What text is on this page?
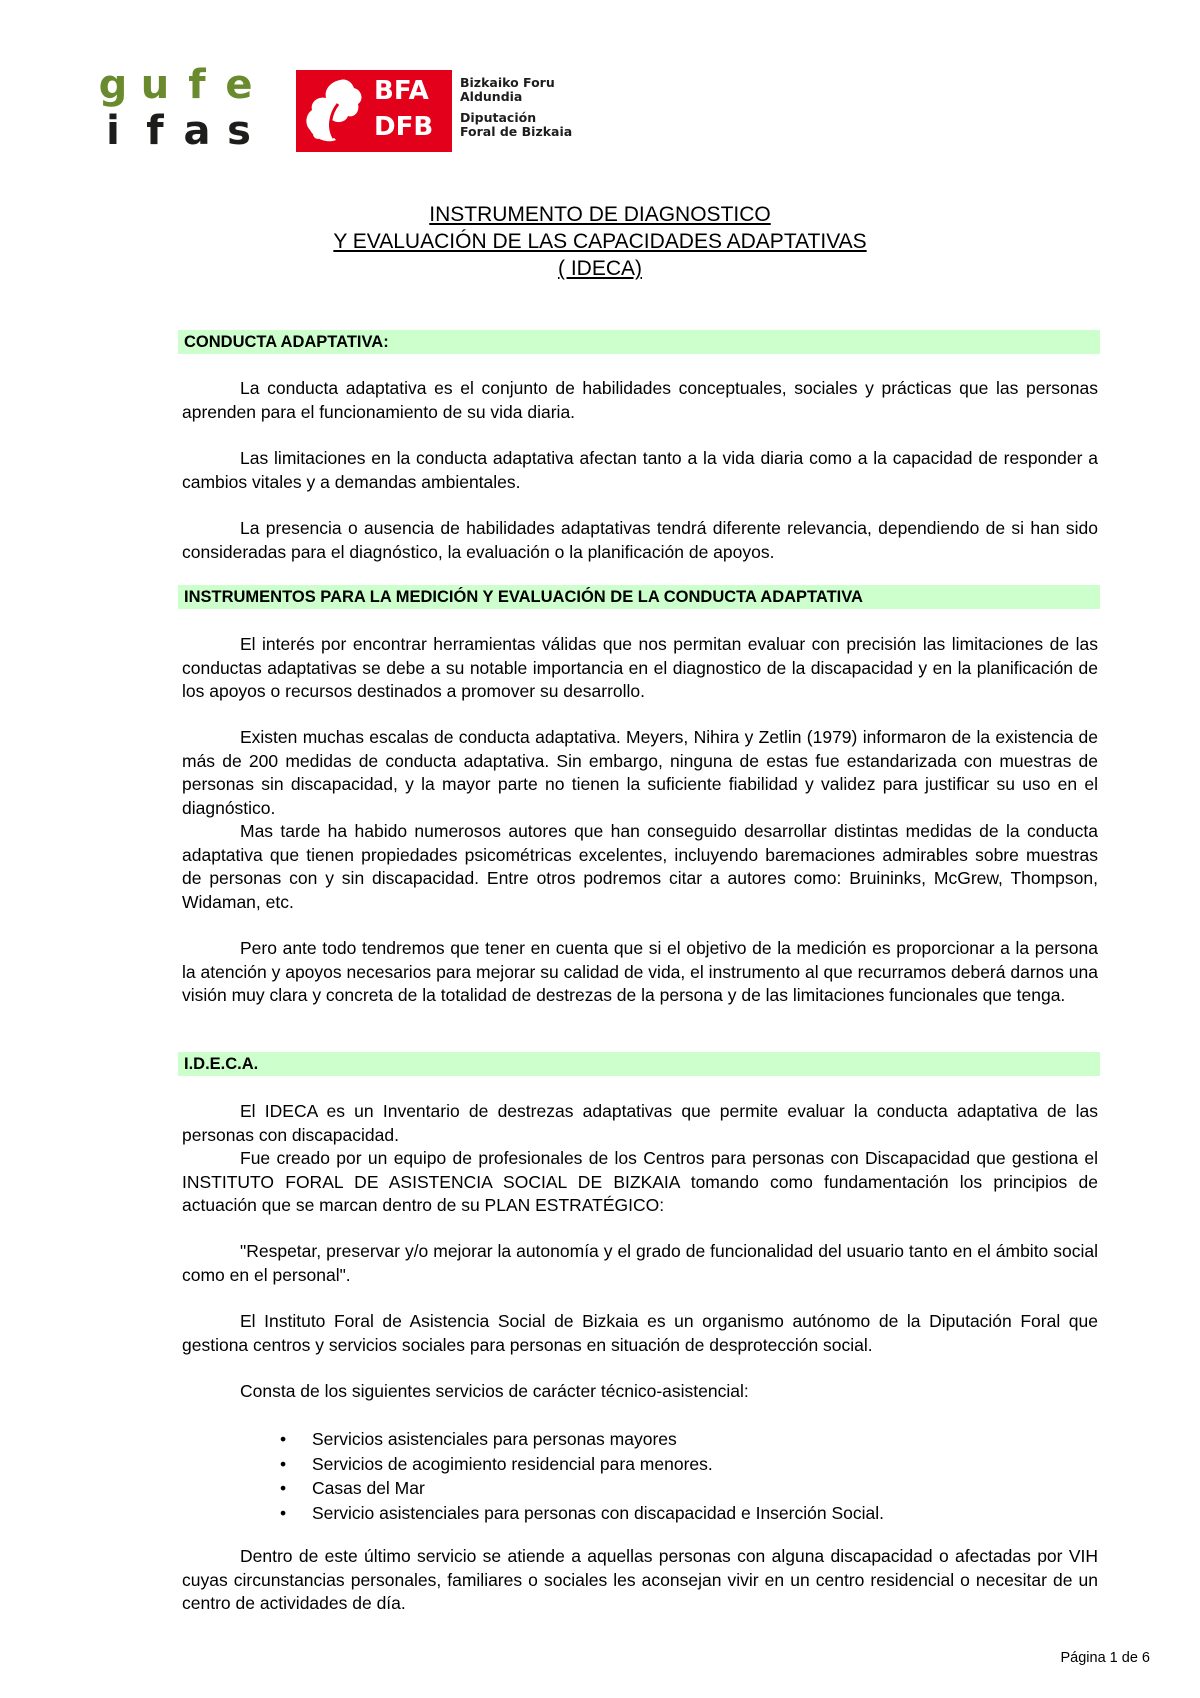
g u f e
i f a s
BFA
DFB
Bizkaiko Foru
Aldundia
Diputación
Foral de Bizkaia
INSTRUMENTO DE DIAGNOSTICO
Y EVALUACIÓN DE LAS CAPACIDADES ADAPTATIVAS
( IDECA)
CONDUCTA ADAPTATIVA:
La conducta adaptativa es el conjunto de habilidades conceptuales, sociales y prácticas que las personas aprenden para el funcionamiento de su vida diaria.
Las limitaciones en la conducta adaptativa afectan tanto a la vida diaria como a la capacidad de responder a cambios vitales y a demandas ambientales.
La presencia o ausencia de habilidades adaptativas tendrá diferente relevancia, dependiendo de si han sido consideradas para el diagnóstico, la evaluación o la planificación de apoyos.
INSTRUMENTOS PARA LA MEDICIÓN Y EVALUACIÓN DE LA CONDUCTA ADAPTATIVA
El interés por encontrar herramientas válidas que nos permitan evaluar con precisión las limitaciones de las conductas adaptativas se debe a su notable importancia en el diagnostico de la discapacidad y en la planificación de los apoyos o recursos destinados a promover su desarrollo.
Existen muchas escalas de conducta adaptativa. Meyers, Nihira y Zetlin (1979) informaron de la existencia de más de 200 medidas de conducta adaptativa. Sin embargo, ninguna de estas fue estandarizada con muestras de personas sin discapacidad, y la mayor parte no tienen la suficiente fiabilidad y validez para justificar su uso en el diagnóstico.
Mas tarde ha habido numerosos autores que han conseguido desarrollar distintas medidas de la conducta adaptativa que tienen propiedades psicométricas excelentes, incluyendo baremaciones admirables sobre muestras de personas con y sin discapacidad. Entre otros podremos citar a autores como: Bruininks, McGrew, Thompson, Widaman, etc.
Pero ante todo tendremos que tener en cuenta que si el objetivo de la medición es proporcionar a la persona la atención y apoyos necesarios para mejorar su calidad de vida, el instrumento al que recurramos deberá darnos una visión muy clara y concreta de la totalidad de destrezas de la persona y de las limitaciones funcionales que tenga.
I.D.E.C.A.
El IDECA es un Inventario de destrezas adaptativas que permite evaluar la conducta adaptativa de las personas con discapacidad.
Fue creado por un equipo de profesionales de los Centros para personas con Discapacidad que gestiona el INSTITUTO FORAL DE ASISTENCIA SOCIAL DE BIZKAIA tomando como fundamentación los principios de actuación que se marcan dentro de su PLAN ESTRATÉGICO:
"Respetar, preservar y/o mejorar la autonomía y el grado de funcionalidad del usuario tanto en el ámbito social como en el personal".
El Instituto Foral de Asistencia Social de Bizkaia es un organismo autónomo de la Diputación Foral que gestiona centros y servicios sociales para personas en situación de desprotección social.
Consta de los siguientes servicios de carácter técnico-asistencial:
• Servicios asistenciales para personas mayores
• Servicios de acogimiento residencial para menores.
• Casas del Mar
• Servicio asistenciales para personas con discapacidad e Inserción Social.
Dentro de este último servicio se atiende a aquellas personas con alguna discapacidad o afectadas por VIH cuyas circunstancias personales, familiares o sociales les aconsejan vivir en un centro residencial o necesitar de un centro de actividades de día.
Página 1 de 6
